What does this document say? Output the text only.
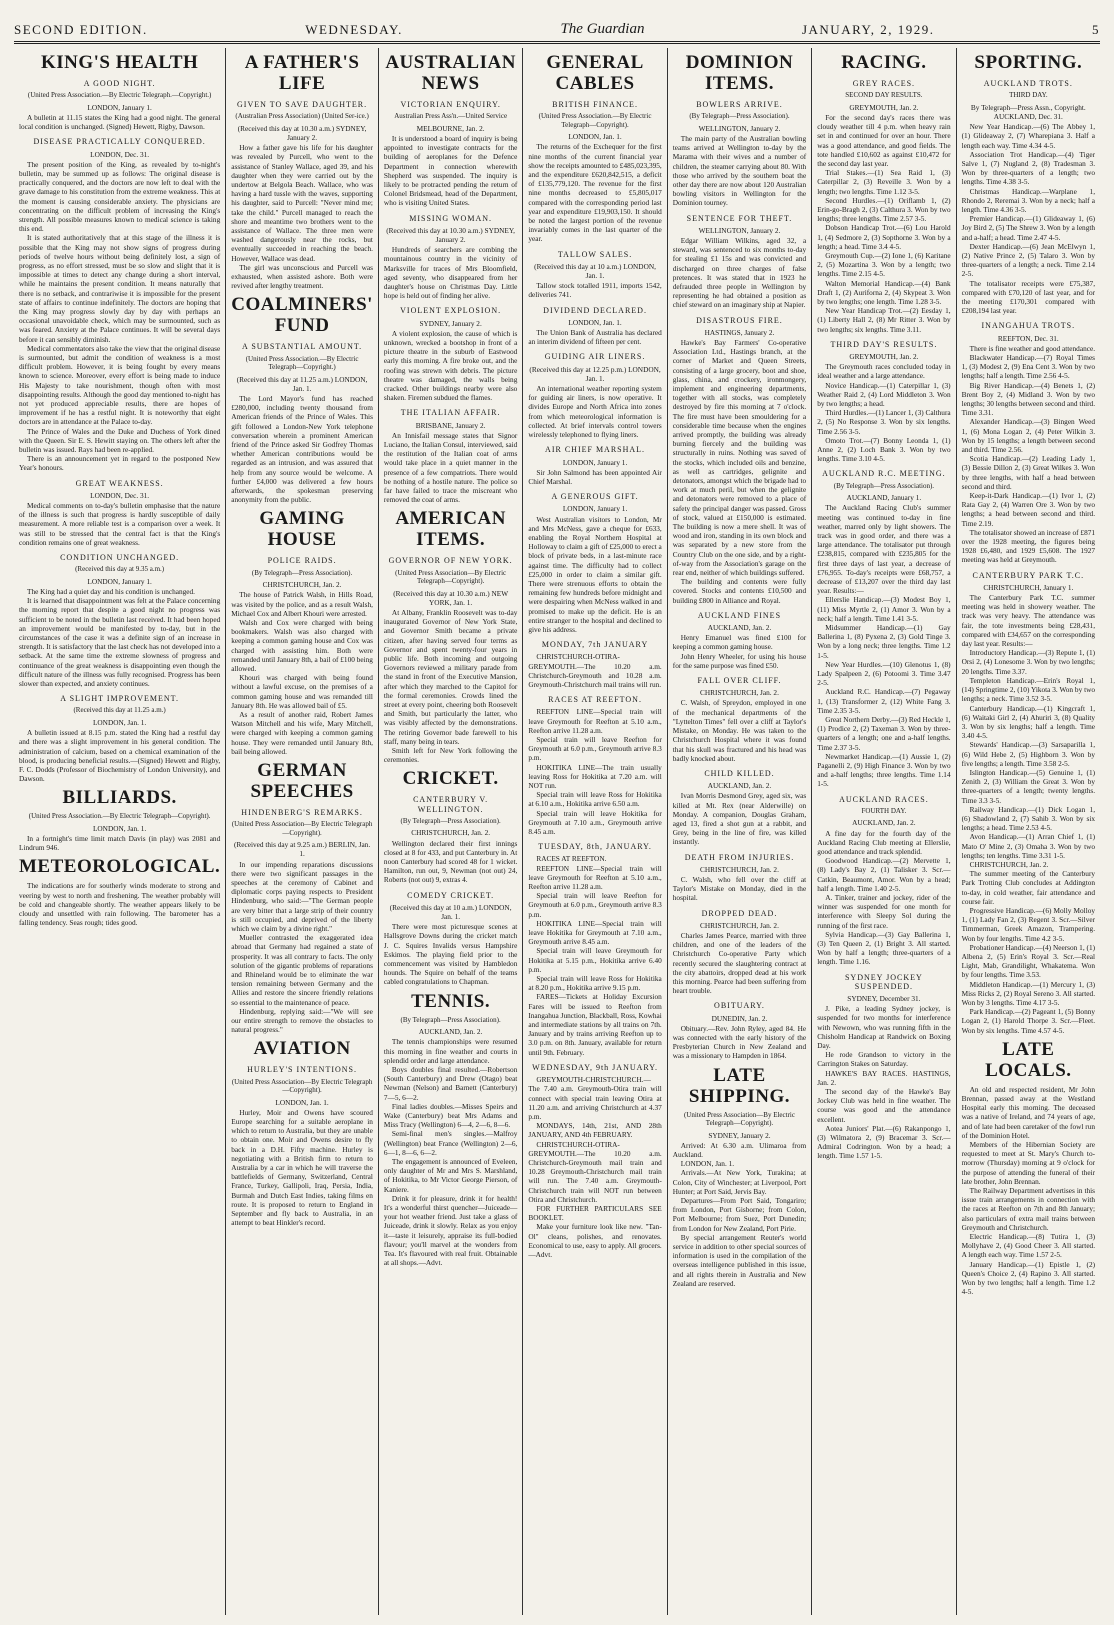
SECOND EDITION.	WEDNESDAY.	The Guardian	JANUARY, 2, 1929.	5
KING'S HEALTH
A GOOD NIGHT.
(United Press Association.—By Electric Telegraph.—Copyright.)
LONDON, January 1.

A bulletin at 11.15 states the King had a good night. The general local condition is unchanged. (Signed) Hewett, Rigby, Dawson.

DISEASE PRACTICALLY CONQUERED.
LONDON, Dec. 31.

The present position of the King, as revealed by to-night's bulletin, may be summed up as follows: The original disease is practically conquered, and the doctors are now left to deal with the grave damage to his constitution from the extreme weakness. This at the moment is causing considerable anxiety. The physicians are concentrating on the difficult problem of increasing the King's strength. All possible measures known to medical science is taking this end.

It is stated authoritatively that at this stage of the illness it is possible that the King may not show signs of progress during periods of twelve hours without being definitely lost, a sign of progress, as no effort stressed, must be so slow and slight that it is impossible at times to detect any change during a short interval, while he maintains the present condition. It means naturally that there is no setback, and contrariwise it is impossible for the present state of affairs to continue indefinitely. The doctors are hoping that the King may progress slowly day by day with perhaps an occasional unavoidable check, which may be surmounted, such as was feared. Anxiety at the Palace continues. It will be several days before it can sensibly diminish.

Medical commentators also take the view that the original disease is surmounted, but admit the condition of weakness is a most difficult problem. However, it is being fought by every means known to science. Moreover, every effort is being made to induce His Majesty to take nourishment, though often with most disappointing results. Although the good day mentioned to-night has not yet produced appreciable results, there are hopes of improvement if he has a restful night. It is noteworthy that eight doctors are in attendance at the Palace to-day.

The Prince of Wales and the Duke and Duchess of York dined with the Queen. Sir E. S. Hewitt staying on. The others left after the bulletin was issued. Rays had been re-applied.

There is an announcement yet in regard to the postponed New Year's honours.

GREAT WEAKNESS.
LONDON, Dec. 31.

Medical comments on to-day's bulletin emphasise that the nature of the illness is such that progress is hardly susceptible of daily measurement. A more reliable test is a comparison over a week. It was still to be stressed that the central fact is that the King's condition remains one of great weakness.

CONDITION UNCHANGED.
(Received this day at 9.35 a.m.)
LONDON, January 1.

The King had a quiet day and his condition is unchanged.

It is learned that disappointment was felt at the Palace concerning the morning report that despite a good night no progress was sufficient to be noted in the bulletin last received. It had been hoped an improvement would be manifested by to-day, but in the circumstances of the case it was a definite sign of an increase in strength. It is satisfactory that the last check has not developed into a setback. At the same time the extreme slowness of progress and continuance of the great weakness is disappointing even though the difficult nature of the illness was fully recognised. Progress has been slower than expected, and anxiety continues.

A SLIGHT IMPROVEMENT.
(Received this day at 11.25 a.m.)
LONDON, Jan. 1.

A bulletin issued at 8.15 p.m. stated the King had a restful day and there was a slight improvement in his general condition. The administration of calcium, based on a chemical examination of the blood, is producing beneficial results.—(Signed) Hewett and Rigby, F. C. Dodds (Professor of Biochemistry of London University), and Dawson.

BILLIARDS.
(United Press Association.—By Electric Telegraph—Copyright).
LONDON, Jan. 1.

In a fortnight's time limit match Davis (in play) was 2081 and Lindrum 946.

METEOROLOGICAL.

The indications are for southerly winds moderate to strong and veering by west to north and freshening. The weather probably will be cold and changeable shortly. The weather appears likely to be cloudy and unsettled with rain following. The barometer has a falling tendency. Seas rough; tides good.

A FATHER'S LIFE
GIVEN TO SAVE DAUGHTER.
(Australian Press Association) (United Ser-ice.)
(Received this day at 10.30 a.m.) SYDNEY, January 2.

How a father gave his life for his daughter was revealed by Purcell, who went to the assistance of Stanley Wallace, aged 39, and his daughter when they were carried out by the undertow at Belgola Beach. Wallace, who was having a hard tussle with the waves, supporting his daughter, said to Purcell: "Never mind me; take the child." Purcell managed to reach the shore and meantime two brothers went to the assistance of Wallace. The three men were washed dangerously near the rocks, but eventually succeeded in reaching the beach. However, Wallace was dead.

The girl was unconscious and Purcell was exhausted, when assisted ashore. Both were revived after lengthy treatment.

COALMINERS' FUND
A SUBSTANTIAL AMOUNT.
(United Press Association.—By Electric Telegraph—Copyright.)
(Received this day at 11.25 a.m.) LONDON, Jan. 1.

The Lord Mayor's fund has reached £280,000, including twenty thousand from American friends of the Prince of Wales. This gift followed a London-New York telephone conversation wherein a prominent American friend of the Prince asked Sir Godfrey Thomas whether American contributions would be regarded as an intrusion, and was assured that help from any source would be welcome. A further £4,000 was delivered a few hours afterwards, the spokesman preserving anonymity from the public.

GAMING HOUSE
POLICE RAIDS.
(By Telegraph—Press Association).
CHRISTCHURCH, Jan. 2.

The house of Patrick Walsh, in Hills Road, was visited by the police, and as a result Walsh, Michael Cox and Albert Khouri were arrested.

Walsh and Cox were charged with being bookmakers. Walsh was also charged with keeping a common gaming house and Cox was charged with assisting him. Both were remanded until January 8th, a bail of £100 being allowed.

Khouri was charged with being found without a lawful excuse, on the premises of a common gaming house and was remanded till January 8th. He was allowed bail of £5.

As a result of another raid, Robert James Watson Mitchell and his wife, Mary Mitchell, were charged with keeping a common gaming house. They were remanded until January 8th, bail being allowed.

GERMAN SPEECHES
HINDENBERG'S REMARKS.
(United Press Association—By Electric Telegraph—Copyright).
(Received this day at 9.25 a.m.) BERLIN, Jan. 1.

In our impending reparations discussions there were two significant passages in the speeches at the ceremony of Cabinet and diplomatic corps paying respects to President Hindenburg, who said:—"The German people are very bitter that a large strip of their country is still occupied, and deprived of the liberty which we claim by a divine right."

Mueller contrasted the exaggerated idea abroad that Germany had regained a state of prosperity. It was all contrary to facts. The only solution of the gigantic problems of reparations and Rhineland would be to eliminate the war tension remaining between Germany and the Allies and restore the sincere friendly relations so essential to the maintenance of peace.

Hindenburg, replying said:—"We will see our entire strength to remove the obstacles to natural progress."

AVIATION
HURLEY'S INTENTIONS.
(United Press Association—By Electric Telegraph—Copyright).
LONDON, Jan. 1.

Hurley, Moir and Owens have scoured Europe searching for a suitable aeroplane in which to return to Australia, but they are unable to obtain one. Moir and Owens desire to fly back in a D.H. Fifty machine. Hurley is negotiating with a British firm to return to Australia by a car in which he will traverse the battlefields of Germany, Switzerland, Central France, Turkey, Gallipoli, Iraq, Persia, India, Burmah and Dutch East Indies, taking films en route. It is proposed to return to England in September and fly back to Australia, in an attempt to beat Hinkler's record.

AUSTRALIAN NEWS
VICTORIAN ENQUIRY.
Australian Press Ass'n.—United Service
MELBOURNE, Jan. 2.

It is understood a board of inquiry is being appointed to investigate contracts for the building of aeroplanes for the Defence Department in connection wherewith Shepherd was suspended. The inquiry is likely to be protracted pending the return of Colonel Bridsmead, head of the Department, who is visiting United States.

MISSING WOMAN.
(Received this day at 10.30 a.m.) SYDNEY, January 2.

Hundreds of searchers are combing the mountainous country in the vicinity of Marksville for traces of Mrs Bloomfield, aged seventy, who disappeared from her daughter's house on Christmas Day. Little hope is held out of finding her alive.

VIOLENT EXPLOSION.
SYDNEY, January 2.

A violent explosion, the cause of which is unknown, wrecked a bootshop in front of a picture theatre in the suburb of Eastwood early this morning. A fire broke out, and the roofing was strewn with debris. The picture theatre was damaged, the walls being cracked. Other buildings nearby were also shaken. Firemen subdued the flames.

THE ITALIAN AFFAIR.
BRISBANE, January 2.

An Innisfail message states that Signor Luciano, the Italian Consul, interviewed, said the restitution of the Italian coat of arms would take place in a quiet manner in the presence of a few compatriots. There would be nothing of a hostile nature. The police so far have failed to trace the miscreant who removed the coat of arms.

AMERICAN ITEMS.
GOVERNOR OF NEW YORK.
(United Press Association—By Electric Telegraph—Copyright).
(Received this day at 10.30 a.m.) NEW YORK, Jan. 1.

At Albany, Franklin Roosevelt was to-day inaugurated Governor of New York State, and Governor Smith became a private citizen, after having served four terms as Governor and spent twenty-four years in public life. Both incoming and outgoing Governors reviewed a military parade from the stand in front of the Executive Mansion, after which they marched to the Capitol for the formal ceremonies. Crowds lined the street at every point, cheering both Roosevelt and Smith, but particularly the latter, who was visibly affected by the demonstrations. The retiring Governor bade farewell to his staff, many being in tears.

Smith left for New York following the ceremonies.

CRICKET.
CANTERBURY V. WELLINGTON.
(By Telegraph—Press Association).
CHRISTCHURCH, Jan. 2.

Wellington declared their first innings closed at 8 for 433, and put Canterbury in. At noon Canterbury had scored 48 for 1 wicket. Hamilton, run out, 9, Newman (not out) 24, Roberts (not out) 9, extras 4.

COMEDY CRICKET.
(Received this day at 10 a.m.) LONDON, Jan. 1.

There were most picturesque scenes at Hallsgrove Downs during the cricket match J. C. Squires Invalids versus Hampshire Eskimos. The playing field prior to the commencement was visited by Hambledon hounds. The Squire on behalf of the teams cabled congratulations to Chapman.

TENNIS.
(By Telegraph—Press Association).
AUCKLAND, Jan. 2.

The tennis championships were resumed this morning in fine weather and courts in splendid order and large attendance.

Boys doubles final resulted.—Robertson (South Canterbury) and Drew (Otago) beat Newman (Nelson) and Barnett (Canterbury) 7—5, 6—2.

Final ladies doubles.—Misses Speirs and Wake (Canterbury) beat Mrs Adams and Miss Tracy (Wellington) 6—4, 2—6, 8—6.

Semi-final men's singles.—Malfroy (Wellington) beat France (Wellington) 2—6, 6—1, 8—6, 6—2.

The engagement is announced of Eveleen, only daughter of Mr and Mrs S. Marshland, of Hokitika, to Mr Victor George Pierson, of Kaniere.

Drink it for pleasure, drink it for health! It's a wonderful thirst quencher—Juiceade—your hot weather friend. Just take a glass of Juiceade, drink it slowly. Relax as you enjoy it—taste it leisurely, appraise its full-bodied flavour; you'll marvel at the wonders from Tea. It's flavoured with real fruit. Obtainable at all shops.—Advt.

GENERAL CABLES
BRITISH FINANCE.
(United Press Association.—By Electric Telegraph—Copyright).
LONDON, Jan. 1.

The returns of the Exchequer for the first nine months of the current financial year show the receipts amounted to £485,023,395, and the expenditure £620,842,515, a deficit of £135,779,120. The revenue for the first nine months decreased to £5,805,017 compared with the corresponding period last year and expenditure £19,903,150. It should be noted the largest portion of the revenue invariably comes in the last quarter of the year.

TALLOW SALES.
(Received this day at 10 a.m.) LONDON, Jan. 1.

Tallow stock totalled 1911, imports 1542, deliveries 741.

DIVIDEND DECLARED.
LONDON, Jan. 1.

The Union Bank of Australia has declared an interim dividend of fifteen per cent.

GUIDING AIR LINERS.
(Received this day at 12.25 p.m.) LONDON, Jan. 1.

An international weather reporting system for guiding air liners, is now operative. It divides Europe and North Africa into zones from which meteorological information is collected. At brief intervals control towers wirelessly telephoned to flying liners.

AIR CHIEF MARSHAL.
LONDON, January 1.

Sir John Salmond has been appointed Air Chief Marshal.

A GENEROUS GIFT.
LONDON, January 1.

West Australian visitors to London, Mr and Mrs McNess, gave a cheque for £633, enabling the Royal Northern Hospital at Holloway to claim a gift of £25,000 to erect a block of private beds, in a last-minute race against time. The difficulty had to collect £25,000 in order to claim a similar gift. There were strenuous efforts to obtain the remaining few hundreds before midnight and were despairing when McNess walked in and promised to make up the deficit. He is an entire stranger to the hospital and declined to give his address.

MONDAY, 7th JANUARY

CHRISTCHURCH-OTIRA-GREYMOUTH.—The 10.20 a.m. Christchurch-Greymouth and 10.28 a.m. Greymouth-Christchurch mail trains will run.

RACES AT REEFTON.

REEFTON LINE—Special train will leave Greymouth for Reefton at 5.10 a.m., Reefton arrive 11.28 a.m.

Special train will leave Reefton for Greymouth at 6.0 p.m., Greymouth arrive 8.3 p.m.

HOKITIKA LINE—The train usually leaving Ross for Hokitika at 7.20 a.m. will NOT run.

Special train will leave Ross for Hokitika at 6.10 a.m., Hokitika arrive 6.50 a.m.

Special train will leave Hokitika for Greymouth at 7.10 a.m., Greymouth arrive 8.45 a.m.

TUESDAY, 8th, JANUARY.

RACES AT REEFTON.

REEFTON LINE—Special train will leave Greymouth for Reefton at 5.10 a.m., Reefton arrive 11.28 a.m.

Special train will leave Reefton for Greymouth at 6.0 p.m., Greymouth arrive 8.3 p.m.

HOKITIKA LINE—Special train will leave Hokitika for Greymouth at 7.10 a.m., Greymouth arrive 8.45 a.m.

Special train will leave Greymouth for Hokitika at 5.15 p.m., Hokitika arrive 6.40 p.m.

Special train will leave Ross for Hokitika at 8.20 p.m., Hokitika arrive 9.15 p.m.

FARES—Tickets at Holiday Excursion Fares will be issued to Reefton from Inangahua Junction, Blackball, Ross, Kowhai and intermediate stations by all trains on 7th. January and by trains arriving Reefton up to 3.0 p.m. on 8th. January, available for return until 9th. February.

WEDNESDAY, 9th JANUARY.

GREYMOUTH-CHRISTCHURCH.—The 7.40 a.m. Greymouth-Otira train will connect with special train leaving Otira at 11.20 a.m. and arriving Christchurch at 4.37 p.m.

MONDAYS, 14th, 21st, AND 28th JANUARY, AND 4th FEBRUARY.

CHRISTCHURCH-OTIRA-GREYMOUTH.—The 10.20 a.m. Christchurch-Greymouth mail train and 10.28 Greymouth-Christchurch mail train will run. The 7.40 a.m. Greymouth-Christchurch train will NOT run between Otira and Christchurch.

FOR FURTHER PARTICULARS SEE BOOKLET.

Make your furniture look like new. "Tan-Ol" cleans, polishes, and renovates. Economical to use, easy to apply. All grocers.—Advt.

DOMINION ITEMS.
BOWLERS ARRIVE.
(By Telegraph—Press Association).
WELLINGTON, January 2.

The main party of the Australian bowling teams arrived at Wellington to-day by the Marama with their wives and a number of children, the steamer carrying about 80. With those who arrived by the southern boat the other day there are now about 120 Australian bowling visitors in Wellington for the Dominion tourney.

SENTENCE FOR THEFT.
WELLINGTON, January 2.

Edgar William Wilkins, aged 32, a steward, was sentenced to six months to-day for stealing £1 15s and was convicted and discharged on three charges of false pretences. It was stated that in 1923 he defrauded three people in Wellington by representing he had obtained a position as chief steward on an imaginary ship at Napier.

DISASTROUS FIRE.
HASTINGS, January 2.

Hawke's Bay Farmers' Co-operative Association Ltd., Hastings branch, at the corner of Market and Queen Streets, consisting of a large grocery, boot and shoe, glass, china, and crockery, ironmongery, implement and engineering departments, together with all stocks, was completely destroyed by fire this morning at 7 o'clock. The fire must have been smouldering for a considerable time because when the engines arrived promptly, the building was already burning fiercely and the building was structurally in ruins. Nothing was saved of the stocks, which included oils and benzine, as well as cartridges, gelignite and detonators, amongst which the brigade had to work at much peril, but when the gelignite and detonators were removed to a place of safety the principal danger was passed. Gross of stock, valued at £150,000 is estimated. The building is now a mere shell. It was of wood and iron, standing in its own block and was separated by a new store from the Country Club on the one side, and by a right-of-way from the Association's garage on the rear end, neither of which buildings suffered.

The building and contents were fully covered. Stocks and contents £10,500 and building £800 in Alliance and Royal.

AUCKLAND FINES
AUCKLAND, Jan. 2.

Henry Emanuel was fined £100 for keeping a common gaming house.

John Henry Wheeler, for using his house for the same purpose was fined £50.

FALL OVER CLIFF.
CHRISTCHURCH, Jan. 2.

C. Walsh, of Spreydon, employed in one of the mechanical departments of the "Lyttelton Times" fell over a cliff at Taylor's Mistake, on Monday. He was taken to the Christchurch Hospital where it was found that his skull was fractured and his head was badly knocked about.

CHILD KILLED.
AUCKLAND, Jan. 2.

Ivan Morris Desmond Grey, aged six, was killed at Mt. Rex (near Alderwille) on Monday. A companion, Douglas Graham, aged 13, fired a shot gun at a rabbit, and Grey, being in the line of fire, was killed instantly.

DEATH FROM INJURIES.
CHRISTCHURCH, Jan. 2.

C. Walsh, who fell over the cliff at Taylor's Mistake on Monday, died in the hospital.

DROPPED DEAD.
CHRISTCHURCH, Jan. 2.

Charles James Pearce, married with three children, and one of the leaders of the Christchurch Co-operative Party which recently secured the slaughtering contract at the city abattoirs, dropped dead at his work this morning. Pearce had been suffering from heart trouble.

OBITUARY.
DUNEDIN, Jan. 2.

Obituary.—Rev. John Ryley, aged 84. He was connected with the early history of the Presbyterian Church in New Zealand and was a missionary to Hampden in 1864.

LATE SHIPPING.
(United Press Association—By Electric Telegraph—Copyright).
SYDNEY, January 2.

Arrived: At 6.30 a.m. Ulimaroa from Auckland.

LONDON, Jan. 1.

Arrivals.—At New York, Turakina; at Colon, City of Winchester; at Liverpool, Port Hunter; at Port Said, Jervis Bay.

Departures—From Port Said, Tongariro; from London, Port Gisborne; from Colon, Port Melbourne; from Suez, Port Dunedin; from London for New Zealand, Port Pirie.

By special arrangement Reuter's world service in addition to other special sources of information is used in the compilation of the overseas intelligence published in this issue, and all rights therein in Australia and New Zealand are reserved.

RACING.
GREY RACES.
SECOND DAY RESULTS.
GREYMOUTH, Jan. 2.

For the second day's races there was cloudy weather till 4 p.m. when heavy rain set in and continued for over an hour. There was a good attendance, and good fields. The tote handled £10,602 as against £10,472 for the second day last year.

Trial Stakes.—(1) Sea Raid 1, (3) Caterpillar 2, (3) Reveille 3. Won by a length; two lengths. Time 1.12 3-5.

Second Hurdles.—(1) Oriflamb 1, (2) Erin-go-Bragh 2, (3) Calthura 3. Won by two lengths; three lengths. Time 2.57 3-5.

Dobson Handicap Trot.—(6) Lou Harold 1, (4) Sedmore 2, (3) Sopthorne 3. Won by a length; a head. Time 3.4 4-5.

Greymouth Cup.—(2) Ione 1, (6) Karitane 2, (5) Mozartina 3. Won by a length; two lengths. Time 2.15 4-5.

Walton Memorial Handicap.—(4) Bank Draft 1, (2) Auriforna 2, (4) Skypeat 3. Won by two lengths; one length. Time 1.28 3-5.

New Year Handicap Trot.—(2) Eesday 1, (1) Liberty Hall 2, (8) Mr Ritter 3. Won by two lengths; six lengths. Time 3.11.

THIRD DAY'S RESULTS.
GREYMOUTH, Jan. 2.

The Greymouth races concluded today in ideal weather and a large attendance.

Novice Handicap.—(1) Caterpillar 1, (3) Weather Raid 2, (4) Lord Middleton 3. Won by two lengths; a head.

Third Hurdles.—(1) Lancer 1, (3) Calthura 2, (5) No Response 3. Won by six lengths. Time 2.56 3-5.

Omoto Trot.—(7) Bonny Leonda 1, (1) Anne 2, (2) Loch Bank 3. Won by two lengths. Time 3.10 4-5.

AUCKLAND R.C. MEETING.
(By Telegraph—Press Association).
AUCKLAND, January 1.

The Auckland Racing Club's summer meeting was continued to-day in fine weather, marred only by light showers. The track was in good order, and there was a large attendance. The totalisator put through £238,815, compared with £235,805 for the first three days of last year, a decrease of £76,955. To-day's receipts were £68,757, a decrease of £13,207 over the third day last year. Results:—

Ellerslie Handicap.—(3) Modest Boy 1, (11) Miss Myrtle 2, (1) Amor 3. Won by a neck; half a length. Time 1.41 3-5.

Midsummer Handicap.—(1) Gay Ballerina 1, (8) Pyxena 2, (3) Gold Tinge 3. Won by a long neck; three lengths. Time 1.2 1-5.

New Year Hurdles.—(10) Glenotus 1, (8) Lady Spalpeen 2, (6) Potoomi 3. Time 3.47 2-5.

Auckland R.C. Handicap.—(7) Pegaway 1, (13) Transformer 2, (12) White Fang 3. Time 2.35 3-5.

Great Northern Derby.—(3) Red Heckle 1, (1) Prodice 2, (2) Taxeman 3. Won by three-quarters of a length; one and a-half lengths. Time 2.37 3-5.

Newmarket Handicap.—(1) Aussie 1, (2) Paganelli 2, (9) High Finance 3. Won by two and a-half lengths; three lengths. Time 1.14 1-5.

AUCKLAND RACES.
FOURTH DAY.
AUCKLAND, Jan. 2.

A fine day for the fourth day of the Auckland Racing Club meeting at Ellerslie, good attendance and track splendid.

Goodwood Handicap.—(2) Mervette 1, (8) Lady's Bay 2, (1) Talisker 3. Scr.—Catkin, Beaumont, Amor. Won by a head; half a length. Time 1.40 2-5.

A. Tinker, trainer and jockey, rider of the winner was suspended for one month for interference with Sleepy Sol during the running of the first race.

Sylvia Handicap.—(3) Gay Ballerina 1, (3) Ten Queen 2, (1) Bright 3. All started. Won by half a length; three-quarters of a length. Time 1.16.

SYDNEY JOCKEY SUSPENDED.
SYDNEY, December 31.

J. Pike, a leading Sydney jockey, is suspended for two months for interference with Newown, who was running fifth in the Chisholm Handicap at Randwick on Boxing Day.

He rode Grandson to victory in the Carrington Stakes on Saturday.

HAWKE'S BAY RACES. HASTINGS, Jan. 2.

The second day of the Hawke's Bay Jockey Club was held in fine weather. The course was good and the attendance excellent.

Aotea Juniors' Plat.—(6) Rakanpongo 1, (3) Wilmatora 2, (9) Bracemar 3. Scr.—Admiral Codrington. Won by a head; a length. Time 1.57 1-5.

SPORTING.
AUCKLAND TROTS.
THIRD DAY.
By Telegraph—Press Assn., Copyright. AUCKLAND, Dec. 31.

New Year Handicap.—(6) The Abbey 1, (1) Glideaway 2, (7) Wharepiana 3. Half a length each way. Time 4.34 4-5.

Association Trot Handicap.—(4) Tiger Salve 1, (7) Nugland 2, (8) Tradesman 3. Won by three-quarters of a length; two lengths. Time 4.38 3-5.

Christmas Handicap.—Warplane 1, Rhondo 2, Reremai 3. Won by a neck; half a length. Time 4.36 3-5.

Premier Handicap.—(1) Glideaway 1, (6) Joy Bird 2, (5) The Shrew 3. Won by a length and a-half; a head. Time 2.47 4-5.

Dexter Handicap.—(6) Jean McElwyn 1, (2) Native Prince 2, (5) Talaro 3. Won by three-quarters of a length; a neck. Time 2.14 2-5.

The totalisator receipts were £75,387, compared with £70,120 of last year, and for the meeting £170,301 compared with £208,194 last year.

INANGAHUA TROTS.
REEFTON, Dec. 31.

There is fine weather and good attendance.

Blackwater Handicap.—(7) Royal Times 1, (3) Modest 2, (9) Ena Cent 3. Won by two lengths; half a length. Time 2.56 4-5.

Big River Handicap.—(4) Benets 1, (2) Brent Boy 2, (4) Midland 3. Won by two lengths; 30 lengths between second and third. Time 3.31.

Alexander Handicap.—(3) Bingen Weed 1, (6) Mona Logan 2, (4) Peter Wilkin 3. Won by 15 lengths; a length between second and third. Time 2.56.

Scotia Handicap.—(2) Leading Lady 1, (3) Bessie Dillon 2, (3) Great Wilkes 3. Won by three lengths, with half a head between second and third.

Keep-it-Dark Handicap.—(1) Ivor 1, (2) Rata Gay 2, (4) Warren Ore 3. Won by two lengths; a head between second and third. Time 2.19.

The totalisator showed an increase of £871 over the 1928 meeting, the figures being 1928 £6,480, and 1929 £5,608. The 1927 meeting was held at Greymouth.

CANTERBURY PARK T.C.
CHRISTCHURCH, January 1.

The Canterbury Park T.C. summer meeting was held in showery weather. The track was very heavy. The attendance was fair, the tote investments being £28,431, compared with £34,657 on the corresponding day last year. Results:—

Introductory Handicap.—(3) Repute 1, (1) Orsi 2, (4) Lonesome 3. Won by two lengths; 20 lengths. Time 3.37.

Templeton Handicap.—Erin's Royal 1, (14) Springtime 2, (10) Yikota 3. Won by two lengths; a neck. Time 3.52 3-5.

Canterbury Handicap.—(1) Kingcraft 1, (6) Waitaki Girl 2, (4) Ahuriri 3, (8) Quality 3. Won by six lengths; half a length. Time 3.40 4-5.

Stewards' Handicap.—(3) Sarsaparilla 1, (6) Wild Hebe 2, (5) Highborn 3. Won by five lengths; a length. Time 3.58 2-5.

Islington Handicap.—(5) Genuine 1, (1) Zenith 2, (3) William the Great 3. Won by three-quarters of a length; twenty lengths. Time 3.3 3-5.

Railway Handicap.—(1) Dick Logan 1, (6) Shadowland 2, (7) Sahib 3. Won by six lengths; a head. Time 2.53 4-5.

Avon Handicap.—(1) Arran Chief 1, (1) Mato O' Mine 2, (3) Omaha 3. Won by two lengths; ten lengths. Time 3.31 1-5.

CHRISTCHURCH, Jan. 2.

The summer meeting of the Canterbury Park Trotting Club concludes at Addington to-day, in cold weather, fair attendance and course fair.

Progressive Handicap.—(6) Molly Molloy 1, (1) Lady Fan 2, (3) Regent 3. Scr.—Silver Timmerman, Greek Amazon, Trampering. Won by four lengths. Time 4.2 3-5.

Probationer Handicap.—(4) Neerson 1, (1) Albena 2, (5) Erin's Royal 3. Scr.—Real Light, Mab, Grandilight, Whakatema. Won by four lengths. Time 3.53.

Middleton Handicap.—(1) Mercury 1, (3) Miss Ricks 2, (2) Royal Sereno 3. All started. Won by 3 lengths. Time 4.17 3-5.

Park Handicap.—(2) Pageant 1, (5) Bonny Logan 2, (1) Harold Thorpe 3. Scr.—Fleet. Won by six lengths. Time 4.57 4-5.

LATE LOCALS.

An old and respected resident, Mr John Brennan, passed away at the Westland Hospital early this morning. The deceased was a native of Ireland, and 74 years of age, and of late had been caretaker of the fowl run of the Dominion Hotel.

Members of the Hibernian Society are requested to meet at St. Mary's Church to-morrow (Thursday) morning at 9 o'clock for the purpose of attending the funeral of their late brother, John Brennan.

The Railway Department advertises in this issue train arrangements in connection with the races at Reefton on 7th and 8th January; also particulars of extra mail trains between Greymouth and Christchurch.

Electric Handicap.—(8) Tutira 1, (3) Mollyhave 2, (4) Good Cheer 3. All started. A length each way. Time 1.57 2-5.

January Handicap.—(1) Epistle 1, (2) Queen's Choice 2, (4) Rapino 3. All started. Won by two lengths; half a length. Time 1.2 4-5.
